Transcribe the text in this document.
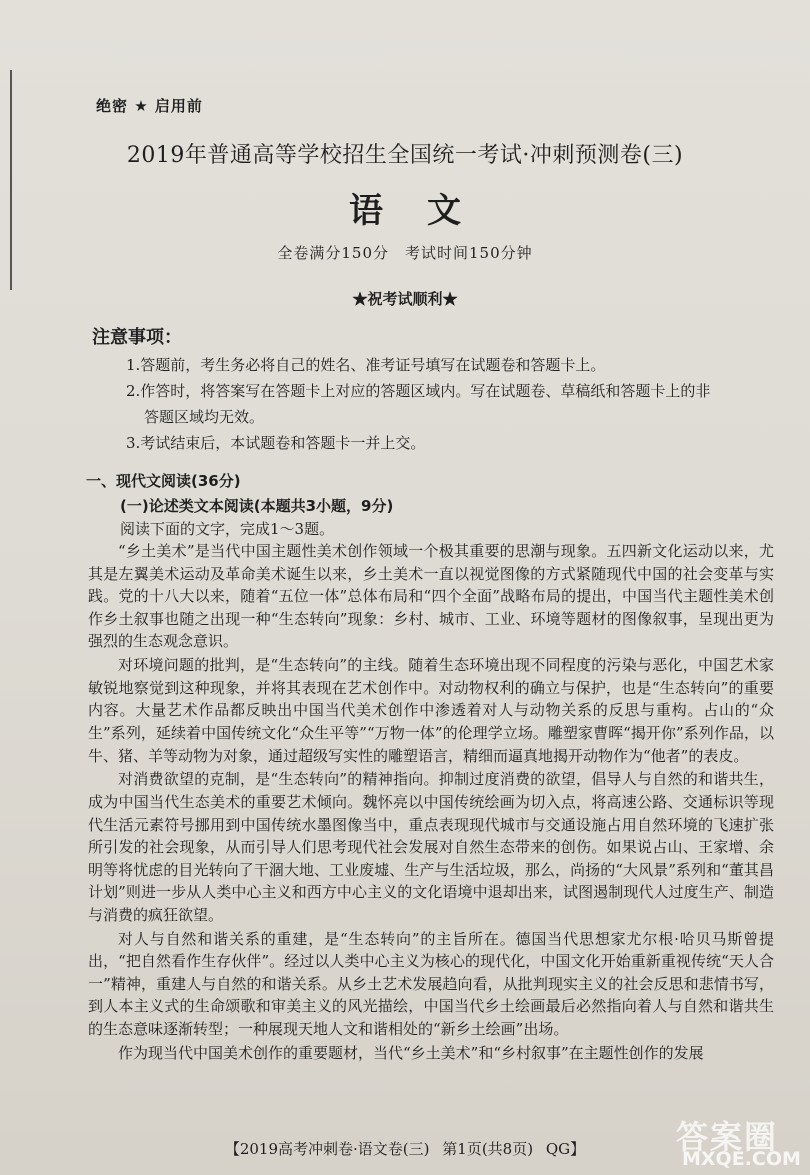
绝密 ★ 启用前
2019年普通高等学校招生全国统一考试·冲刺预测卷(三)
语文
全卷满分150分　考试时间150分钟
★祝考试顺利★
注意事项：
1.答题前，考生务必将自己的姓名、准考证号填写在试题卷和答题卡上。
2.作答时，将答案写在答题卡上对应的答题区域内。写在试题卷、草稿纸和答题卡上的非
答题区域均无效。
3.考试结束后，本试题卷和答题卡一并上交。
一、现代文阅读(36分)
(一)论述类文本阅读(本题共3小题，9分)
阅读下面的文字，完成1～3题。

“乡土美术”是当代中国主题性美术创作领域一个极其重要的思潮与现象。五四新文化运动以来，尤其是左翼美术运动及革命美术诞生以来，乡土美术一直以视觉图像的方式紧随现代中国的社会变革与实践。党的十八大以来，随着“五位一体”总体布局和“四个全面”战略布局的提出，中国当代主题性美术创作乡土叙事也随之出现一种“生态转向”现象：乡村、城市、工业、环境等题材的图像叙事，呈现出更为强烈的生态观念意识。

对环境问题的批判，是“生态转向”的主线。随着生态环境出现不同程度的污染与恶化，中国艺术家敏锐地察觉到这种现象，并将其表现在艺术创作中。对动物权利的确立与保护，也是“生态转向”的重要内容。大量艺术作品都反映出中国当代美术创作中渗透着对人与动物关系的反思与重构。占山的“众生”系列，延续着中国传统文化“众生平等”“万物一体”的伦理学立场。雕塑家曹晖“揭开你”系列作品，以牛、猪、羊等动物为对象，通过超级写实性的雕塑语言，精细而逼真地揭开动物作为“他者”的表皮。

对消费欲望的克制，是“生态转向”的精神指向。抑制过度消费的欲望，倡导人与自然的和谐共生，成为中国当代生态美术的重要艺术倾向。魏怀亮以中国传统绘画为切入点，将高速公路、交通标识等现代生活元素符号挪用到中国传统水墨图像当中，重点表现现代城市与交通设施占用自然环境的飞速扩张所引发的社会现象，从而引导人们思考现代社会发展对自然生态带来的创伤。如果说占山、王家增、余明等将忧虑的目光转向了干涸大地、工业废墟、生产与生活垃圾，那么，尚扬的“大风景”系列和“董其昌计划”则进一步从人类中心主义和西方中心主义的文化语境中退却出来，试图遏制现代人过度生产、制造与消费的疯狂欲望。

对人与自然和谐关系的重建，是“生态转向”的主旨所在。德国当代思想家尤尔根·哈贝马斯曾提出，“把自然看作生存伙伴”。经过以人类中心主义为核心的现代化，中国文化开始重新重视传统“天人合一”精神，重建人与自然的和谐关系。从乡土艺术发展趋向看，从批判现实主义的社会反思和悲情书写，到人本主义式的生命颂歌和审美主义的风光描绘，中国当代乡土绘画最后必然指向着人与自然和谐共生的生态意味逐渐转型；一种展现天地人文和谐相处的“新乡土绘画”出场。

作为现当代中国美术创作的重要题材，当代“乡土美术”和“乡村叙事”在主题性创作的发展

【2019高考冲刺卷·语文卷(三) 第1页(共8页) QG】	答案圈
MXQE.COM
